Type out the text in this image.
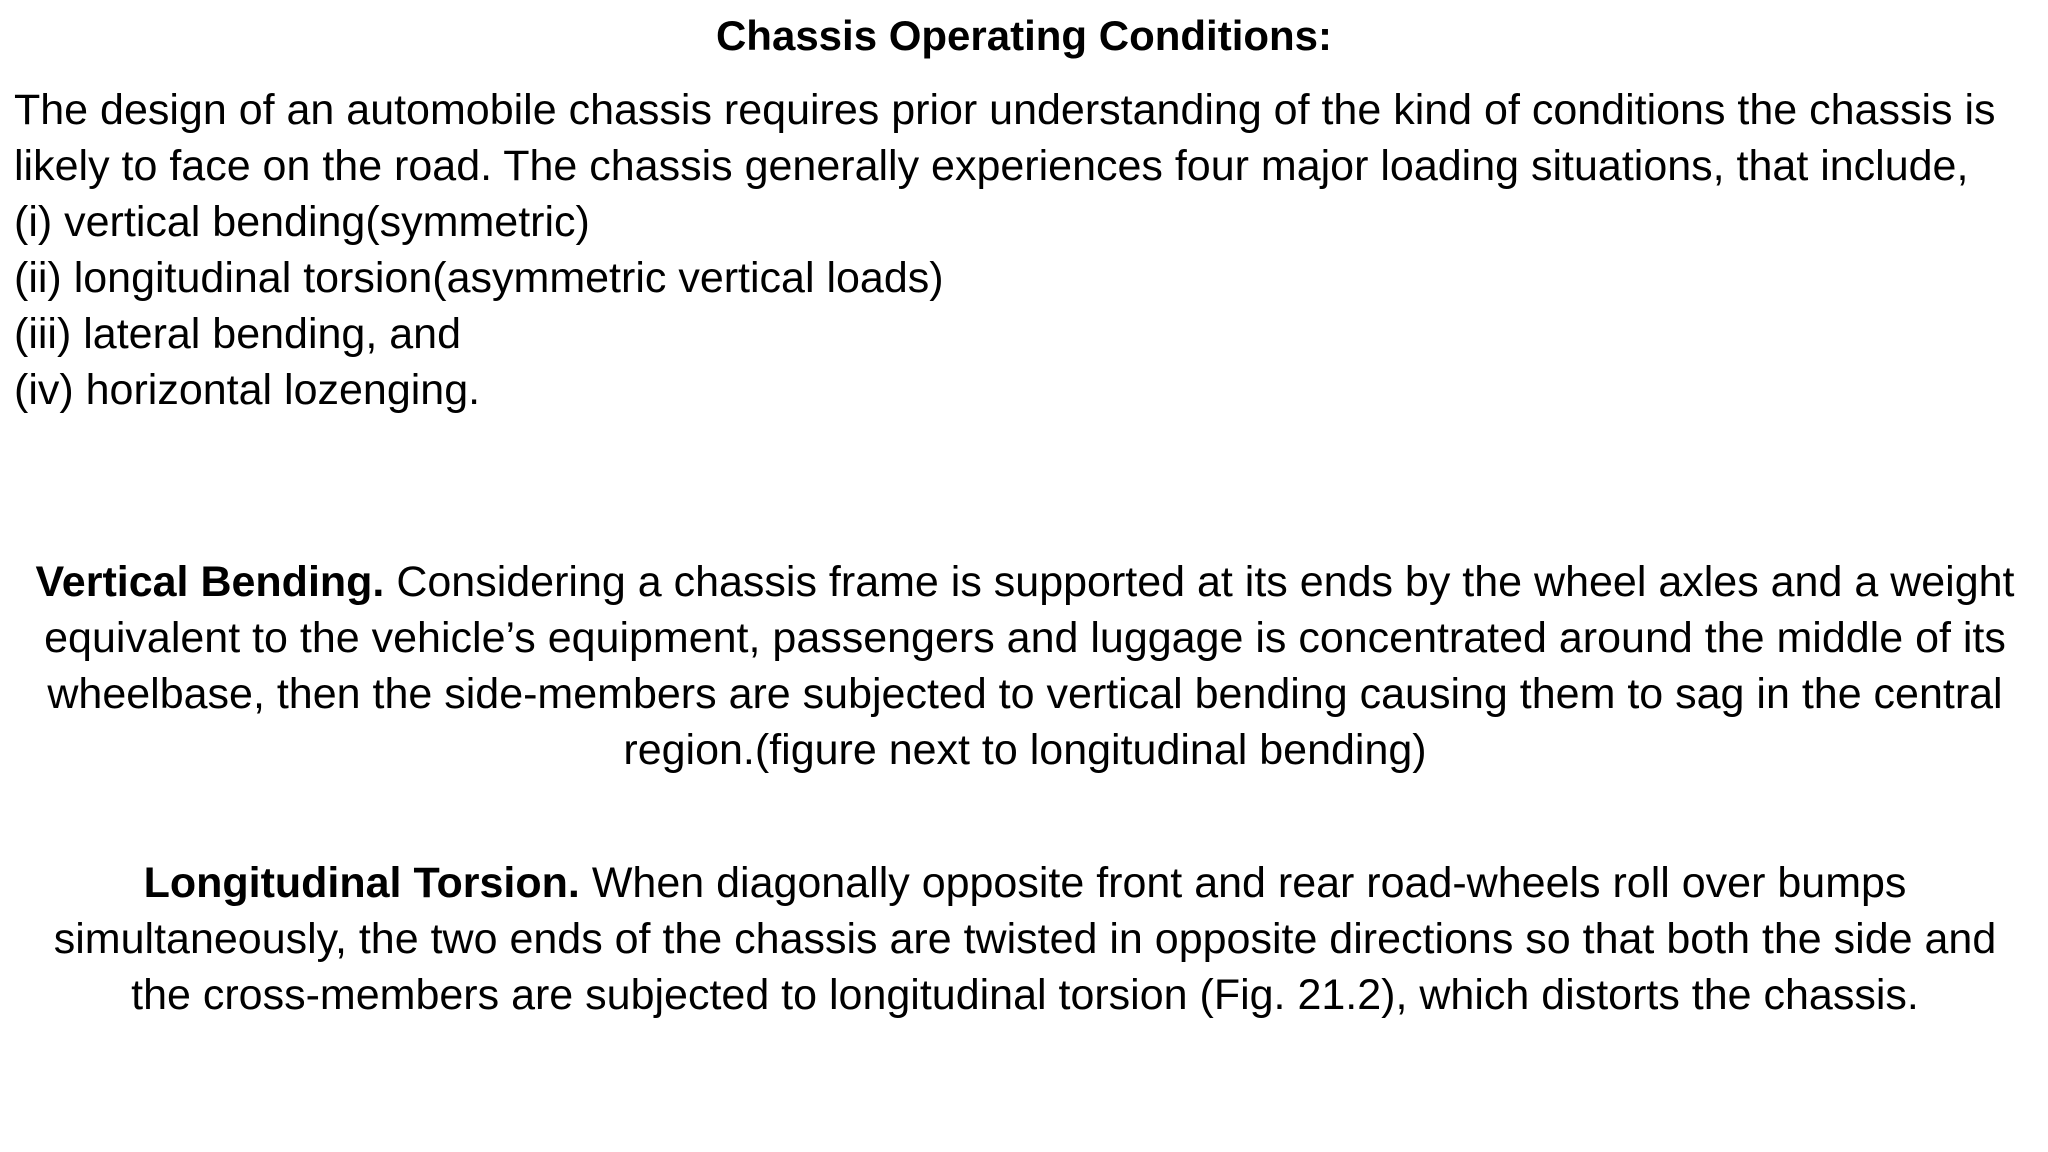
Chassis Operating Conditions:

The design of an automobile chassis requires prior understanding of the kind of conditions the chassis is likely to face on the road. The chassis generally experiences four major loading situations, that include,

(i) vertical bending(symmetric)
(ii) longitudinal torsion(asymmetric vertical loads)
(iii) lateral bending, and
(iv) horizontal lozenging.
Vertical Bending. Considering a chassis frame is supported at its ends by the wheel axles and a weight equivalent to the vehicle’s equipment, passengers and luggage is concentrated around the middle of its wheelbase, then the side-members are subjected to vertical bending causing them to sag in the central region.(figure next to longitudinal bending)
Longitudinal Torsion. When diagonally opposite front and rear road-wheels roll over bumps simultaneously, the two ends of the chassis are twisted in opposite directions so that both the side and the cross-members are subjected to longitudinal torsion (Fig. 21.2), which distorts the chassis.
